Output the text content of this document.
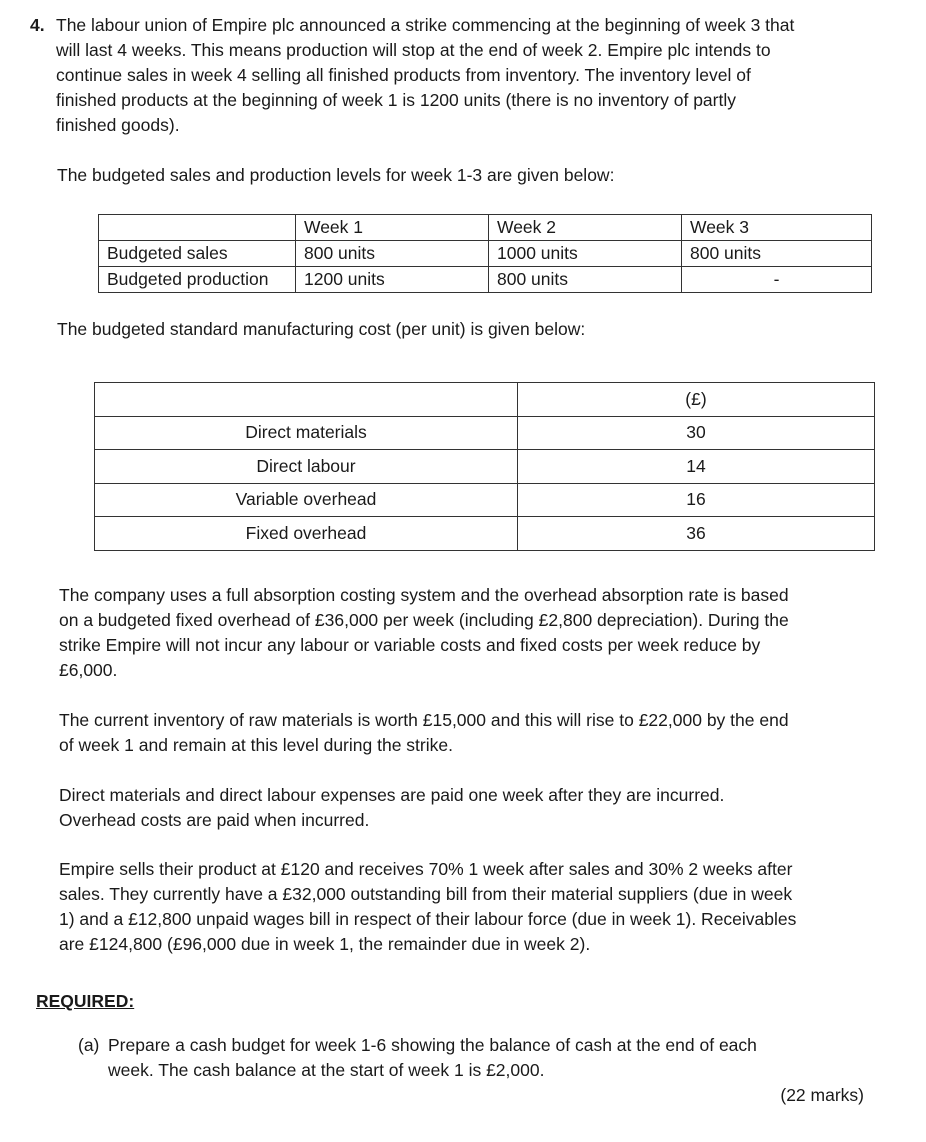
4. The labour union of Empire plc announced a strike commencing at the beginning of week 3 that
will last 4 weeks. This means production will stop at the end of week 2. Empire plc intends to
continue sales in week 4 selling all finished products from inventory. The inventory level of
finished products at the beginning of week 1 is 1200 units (there is no inventory of partly
finished goods).
The budgeted sales and production levels for week 1-3 are given below:
	Week 1	Week 2	Week 3
Budgeted sales	800 units	1000 units	800 units
Budgeted production	1200 units	800 units	-
The budgeted standard manufacturing cost (per unit) is given below:
	(£)
Direct materials	30
Direct labour	14
Variable overhead	16
Fixed overhead	36
The company uses a full absorption costing system and the overhead absorption rate is based
on a budgeted fixed overhead of £36,000 per week (including £2,800 depreciation). During the
strike Empire will not incur any labour or variable costs and fixed costs per week reduce by
£6,000.
The current inventory of raw materials is worth £15,000 and this will rise to £22,000 by the end
of week 1 and remain at this level during the strike.
Direct materials and direct labour expenses are paid one week after they are incurred.
Overhead costs are paid when incurred.
Empire sells their product at £120 and receives 70% 1 week after sales and 30% 2 weeks after
sales. They currently have a £32,000 outstanding bill from their material suppliers (due in week
1) and a £12,800 unpaid wages bill in respect of their labour force (due in week 1). Receivables
are £124,800 (£96,000 due in week 1, the remainder due in week 2).
REQUIRED:
(a) Prepare a cash budget for week 1-6 showing the balance of cash at the end of each
week. The cash balance at the start of week 1 is £2,000.
(22 marks)
